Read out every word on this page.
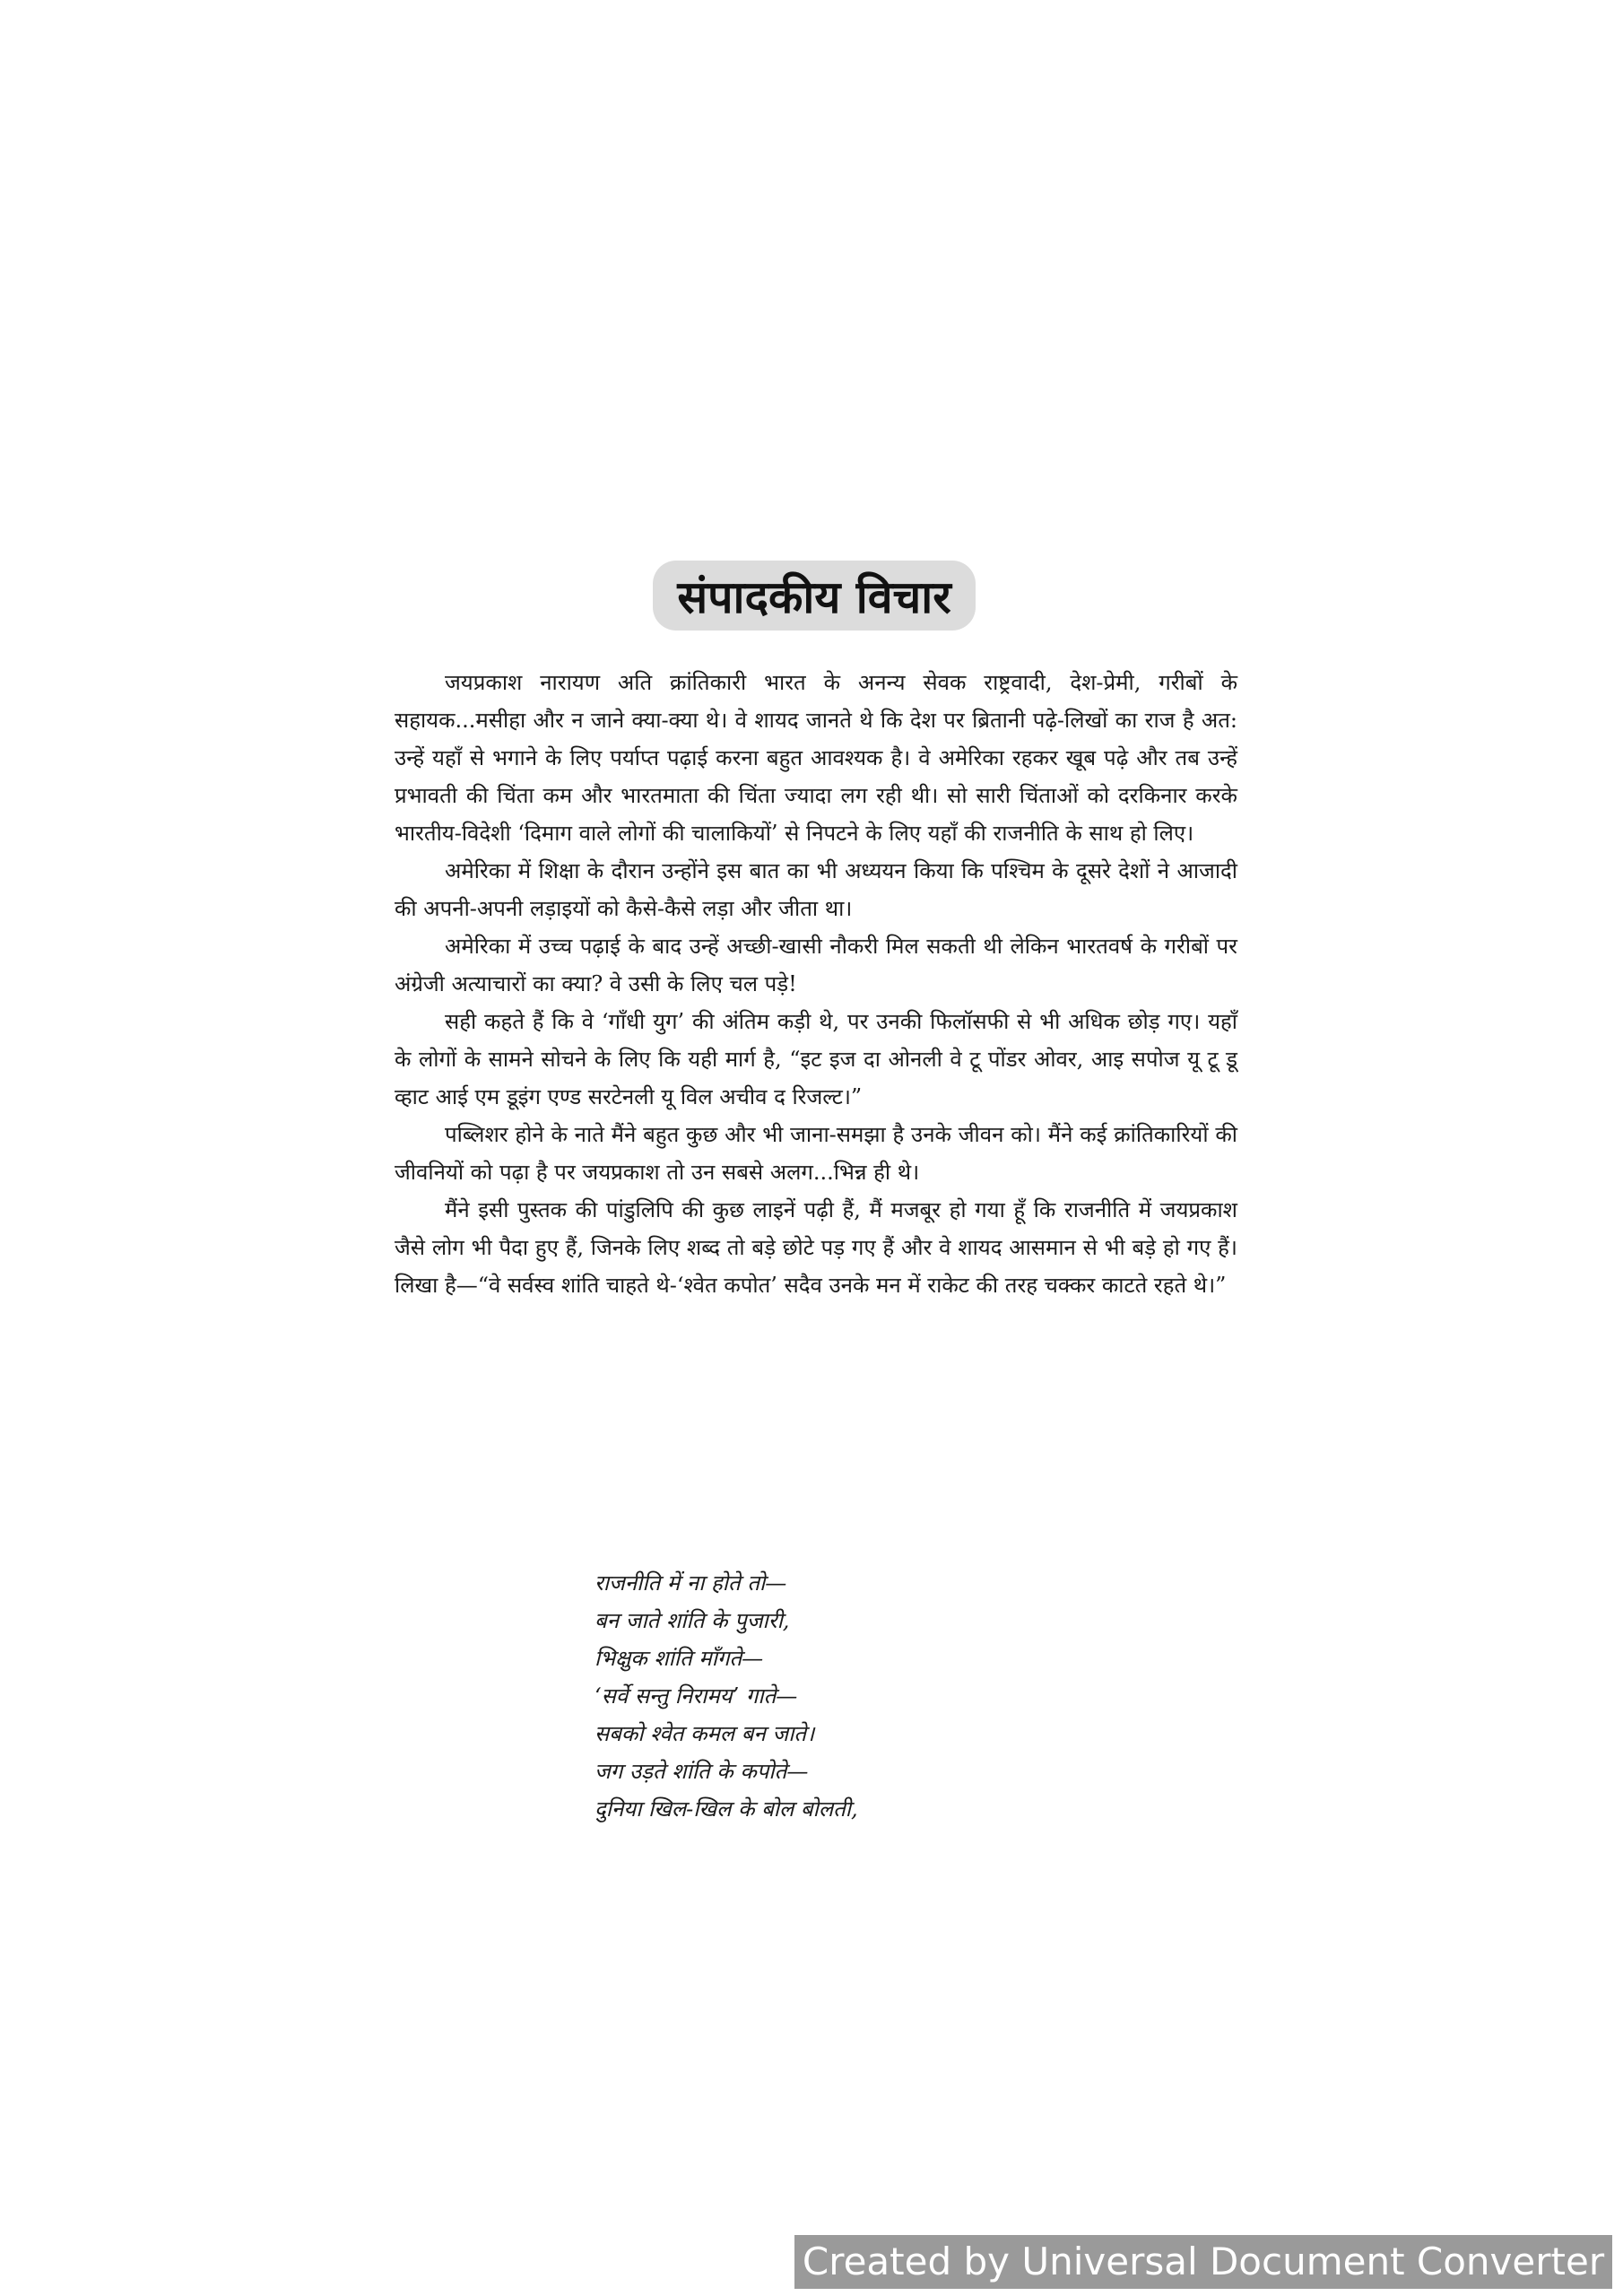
संपादकीय विचार

जयप्रकाश नारायण अति क्रांतिकारी भारत के अनन्य सेवक राष्ट्रवादी, देश-प्रेमी, गरीबों के सहायक...मसीहा और न जाने क्या-क्या थे। वे शायद जानते थे कि देश पर ब्रितानी पढ़े-लिखों का राज है अत: उन्हें यहाँ से भगाने के लिए पर्याप्त पढ़ाई करना बहुत आवश्यक है। वे अमेरिका रहकर खूब पढ़े और तब उन्हें प्रभावती की चिंता कम और भारतमाता की चिंता ज्यादा लग रही थी। सो सारी चिंताओं को दरकिनार करके भारतीय-विदेशी ‘दिमाग वाले लोगों की चालाकियों’ से निपटने के लिए यहाँ की राजनीति के साथ हो लिए।

अमेरिका में शिक्षा के दौरान उन्होंने इस बात का भी अध्ययन किया कि पश्चिम के दूसरे देशों ने आजादी की अपनी-अपनी लड़ाइयों को कैसे-कैसे लड़ा और जीता था।

अमेरिका में उच्च पढ़ाई के बाद उन्हें अच्छी-खासी नौकरी मिल सकती थी लेकिन भारतवर्ष के गरीबों पर अंग्रेजी अत्याचारों का क्या? वे उसी के लिए चल पड़े!

सही कहते हैं कि वे ‘गाँधी युग’ की अंतिम कड़ी थे, पर उनकी फिलॉसफी से भी अधिक छोड़ गए। यहाँ के लोगों के सामने सोचने के लिए कि यही मार्ग है, “इट इज दा ओनली वे टू पोंडर ओवर, आइ सपोज यू टू डू व्हाट आई एम डूइंग एण्ड सरटेनली यू विल अचीव द रिजल्ट।”

पब्लिशर होने के नाते मैंने बहुत कुछ और भी जाना-समझा है उनके जीवन को। मैंने कई क्रांतिकारियों की जीवनियों को पढ़ा है पर जयप्रकाश तो उन सबसे अलग...भिन्न ही थे।

मैंने इसी पुस्तक की पांडुलिपि की कुछ लाइनें पढ़ी हैं, मैं मजबूर हो गया हूँ कि राजनीति में जयप्रकाश जैसे लोग भी पैदा हुए हैं, जिनके लिए शब्द तो बड़े छोटे पड़ गए हैं और वे शायद आसमान से भी बड़े हो गए हैं। लिखा है—“वे सर्वस्व शांति चाहते थे-‘श्वेत कपोत’ सदैव उनके मन में राकेट की तरह चक्कर काटते रहते थे।”

राजनीति में ना होते तो—
बन जाते शांति के पुजारी,
भिक्षुक शांति माँगते—
‘सर्वे सन्तु निरामय’ गाते—
सबको श्वेत कमल बन जाते।
जग उड़ते शांति के कपोते—
दुनिया खिल-खिल के बोल बोलती,
Created by Universal Document Converter
